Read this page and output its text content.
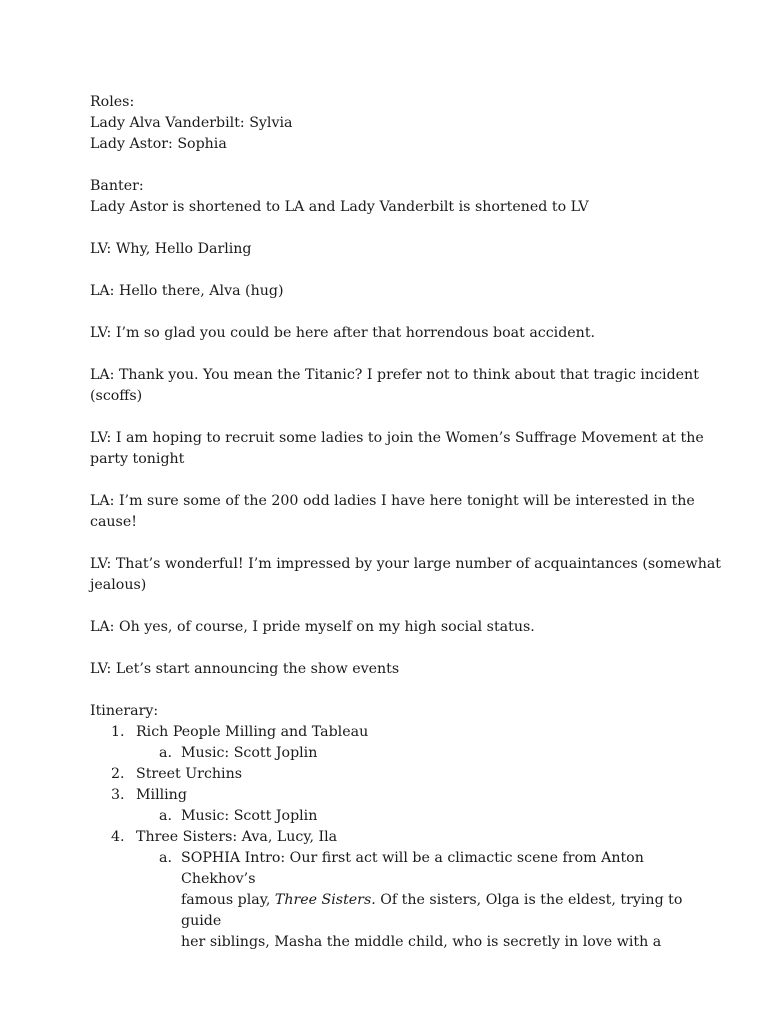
Roles:
Lady Alva Vanderbilt: Sylvia
Lady Astor: Sophia
Banter:
Lady Astor is shortened to LA and Lady Vanderbilt is shortened to LV
LV: Why, Hello Darling
LA: Hello there, Alva (hug)
LV: I’m so glad you could be here after that horrendous boat accident.
LA: Thank you. You mean the Titanic? I prefer not to think about that tragic incident
(scoffs)
LV: I am hoping to recruit some ladies to join the Women’s Suffrage Movement at the
party tonight
LA: I’m sure some of the 200 odd ladies I have here tonight will be interested in the
cause!
LV: That’s wonderful! I’m impressed by your large number of acquaintances (somewhat
jealous)
LA: Oh yes, of course, I pride myself on my high social status.
LV: Let’s start announcing the show events
Itinerary:
1. Rich People Milling and Tableau
a. Music: Scott Joplin
2. Street Urchins
3. Milling
a. Music: Scott Joplin
4. Three Sisters: Ava, Lucy, Ila
a. SOPHIA Intro: Our first act will be a climactic scene from Anton Chekhov’s
famous play, Three Sisters. Of the sisters, Olga is the eldest, trying to guide
her siblings, Masha the middle child, who is secretly in love with a
